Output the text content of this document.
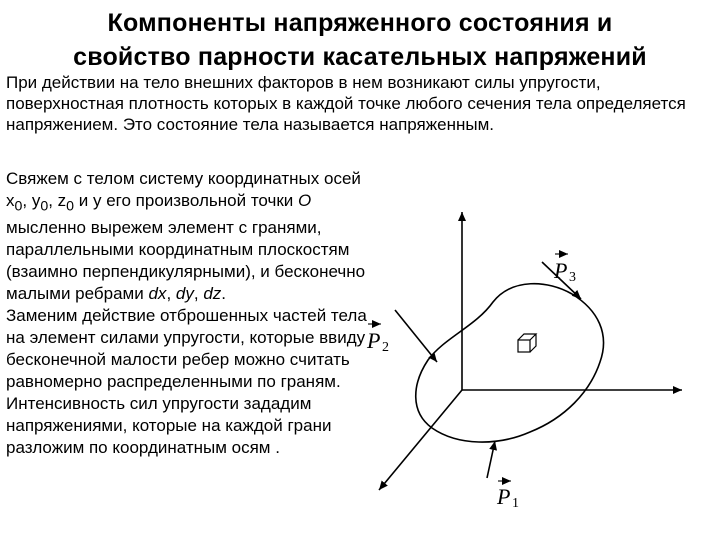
Компоненты напряженного состояния и
свойство парности касательных напряжений

При действии на тело внешних факторов в нем возникают силы упругости, поверхностная плотность которых в каждой точке любого сечения тела определяется напряжением. Это состояние тела называется напряженным.

Свяжем с телом систему координатных осей $x_0$, $y_0$, $z_0$ и у его произвольной точки О мысленно вырежем элемент с гранями, параллельными координатным плоскостям (взаимно перпендикулярными), и бесконечно малыми ребрами dx, dy, dz.
Заменим действие отброшенных частей тела на элемент силами упругости, которые ввиду бесконечной малости ребер можно считать равномерно распределенными по граням. Интенсивность сил упругости зададим напряжениями, которые на каждой грани разложим по координатным осям .

P 1
P 2
P 3
